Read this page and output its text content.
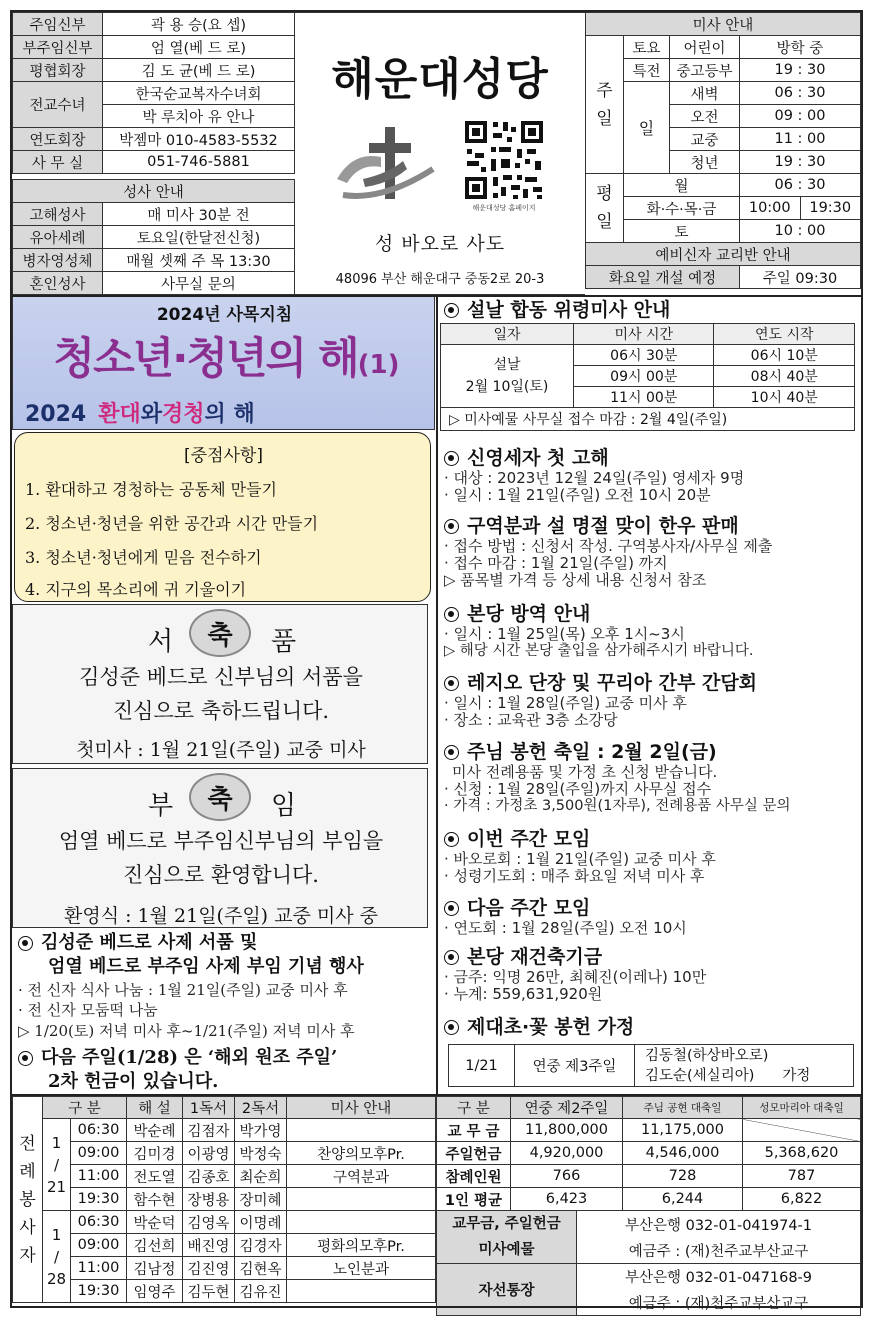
주임신부	곽 용 승(요 셉)
부주임신부	엄 열(베 드 로)
평협회장	김 도 균(베 드 로)
전교수녀	한국순교복자수녀회
	박 루치아 유 안나
연도회장	박젬마 010-4583-5532
사 무 실	051-746-5881
성사 안내	
고해성사	매 미사 30분 전
유아세례	토요일(한달전신청)
병자영성체	매월 셋째 주 목 13:30
혼인성사	사무실 문의
해운대성당
해운대성당 홈페이지
성 바오로 사도
48096 부산 해운대구 중동2로 20-3
미사 안내				
주
일	토요	어린이	방학 중	
	특전	중고등부	19 : 30	
	일	새벽	06 : 30	
		오전	09 : 00	
		교중	11 : 00	
		청년	19 : 30	
평
일	월		06 : 30	
	화·수·목·금		10:00	19:30
	토		10 : 00	
예비신자 교리반 안내				
화요일 개설 예정			주일 09:30	
2024년 사목지침
청소년·청년의 해(1)
2024 환대와경청의 해
[중점사항]
1. 환대하고 경청하는 공동체 만들기
2. 청소년·청년을 위한 공간과 시간 만들기
3. 청소년·청년에게 믿음 전수하기
4. 지구의 목소리에 귀 기울이기
서	축	품
김성준 베드로 신부님의 서품을
진심으로 축하드립니다.
첫미사 : 1월 21일(주일) 교중 미사
부	축	임
엄열 베드로 부주임신부님의 부임을
진심으로 환영합니다.
환영식 : 1월 21일(주일) 교중 미사 중
김성준 베드로 사제 서품 및
엄열 베드로 부주임 사제 부임 기념 행사
· 전 신자 식사 나눔 : 1월 21일(주일) 교중 미사 후
· 전 신자 모둠떡 나눔
▷ 1/20(토) 저녁 미사 후~1/21(주일) 저녁 미사 후
다음 주일(1/28) 은 ‘해외 원조 주일’
2차 헌금이 있습니다.
설날 합동 위령미사 안내
일자	미사 시간	연도 시작
설날
2월 10일(토)	06시 30분	06시 10분
	09시 00분	08시 40분
	11시 00분	10시 40분
▷ 미사예물 사무실 접수 마감 : 2월 4일(주일)		
신영세자 첫 고해
· 대상 : 2023년 12월 24일(주일) 영세자 9명
· 일시 : 1월 21일(주일) 오전 10시 20분
구역분과 설 명절 맞이 한우 판매
· 접수 방법 : 신청서 작성. 구역봉사자/사무실 제출
· 접수 마감 : 1월 21일(주일) 까지
▷ 품목별 가격 등 상세 내용 신청서 참조
본당 방역 안내
· 일시 : 1월 25일(목) 오후 1시~3시
▷ 해당 시간 본당 출입을 삼가해주시기 바랍니다.
레지오 단장 및 꾸리아 간부 간담회
· 일시 : 1월 28일(주일) 교중 미사 후
· 장소 : 교육관 3층 소강당
주님 봉헌 축일 : 2월 2일(금)
미사 전례용품 및 가정 초 신청 받습니다.
· 신청 : 1월 28일(주일)까지 사무실 접수
· 가격 : 가정초 3,500원(1자루), 전례용품 사무실 문의
이번 주간 모임
· 바오로회 : 1월 21일(주일) 교중 미사 후
· 성령기도회 : 매주 화요일 저녁 미사 후
다음 주간 모임
· 연도회 : 1월 28일(주일) 오전 10시
본당 재건축기금
· 금주: 익명 26만, 최혜진(이레나) 10만
· 누계: 559,631,920원
제대초·꽃 봉헌 가정
1/21	연중 제3주일	김동철(하상바오로)
김도순(세실리아) 가정
전
례
봉
사
자	구 분		해 설	1독서	2독서	미사 안내
	1
/
21	06:30	박순례	김점자	박가영	
		09:00	김미경	이광영	박정숙	찬양의모후Pr.
		11:00	전도열	김종호	최순희	구역분과
		19:30	함수현	장병용	장미혜	
	1
/
28	06:30	박순덕	김영옥	이명례	
		09:00	김선희	배진영	김경자	평화의모후Pr.
		11:00	김남정	김진영	김현옥	노인분과
		19:30	임영주	김두현	김유진	
구 분	연중 제2주일	주님 공현 대축일	성모마리아 대축일
교 무 금	11,800,000	11,175,000	
주일헌금	4,920,000	4,546,000	5,368,620
참례인원	766	728	787
1인 평균	6,423	6,244	6,822
교무금, 주일헌금
미사예물	부산은행 032-01-041974-1
	예금주 : (재)천주교부산교구
자선통장	부산은행 032-01-047168-9
	예금주 : (재)천주교부산교구
